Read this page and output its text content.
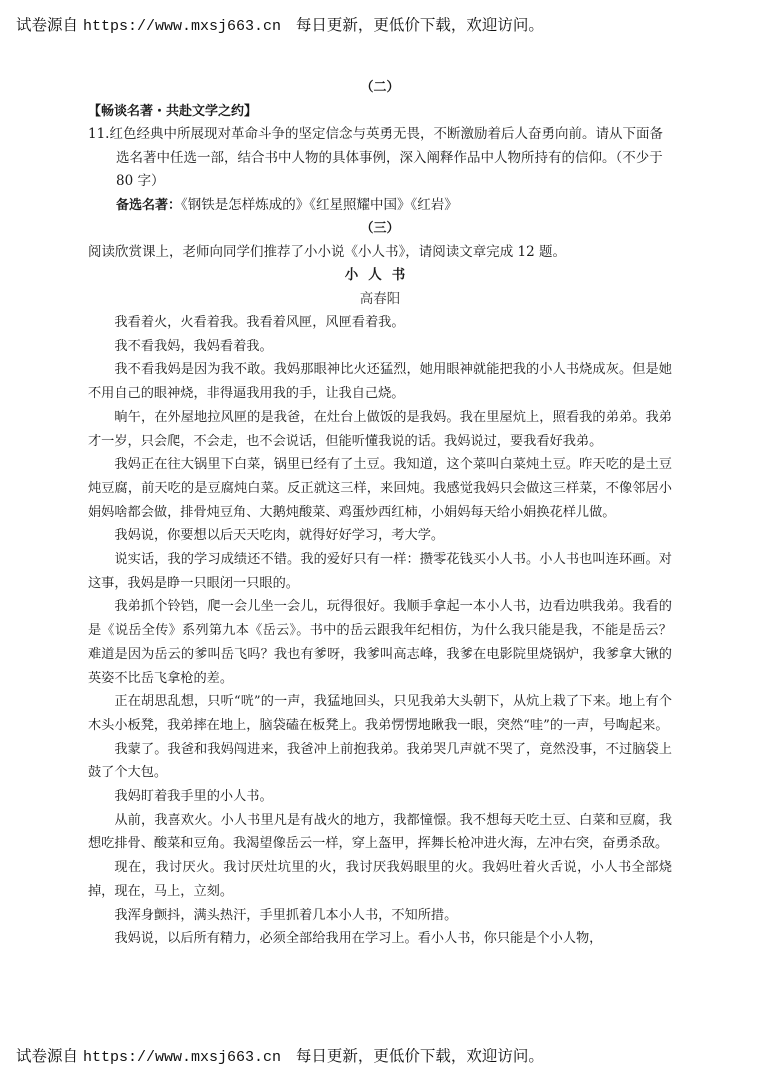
试卷源自 https://www.mxsj663.cn 每日更新，更低价下载，欢迎访问。

（二）

【畅谈名著・共赴文学之约】

11.红色经典中所展现对革命斗争的坚定信念与英勇无畏，不断激励着后人奋勇向前。请从下面备选名著中任选一部，结合书中人物的具体事例，深入阐释作品中人物所持有的信仰。（不少于 80 字）

备选名著：《钢铁是怎样炼成的》《红星照耀中国》《红岩》

（三）

阅读欣赏课上，老师向同学们推荐了小小说《小人书》，请阅读文章完成 12 题。

小人书

高春阳

我看着火，火看着我。我看着风匣，风匣看着我。

我不看我妈，我妈看着我。

我不看我妈是因为我不敢。我妈那眼神比火还猛烈，她用眼神就能把我的小人书烧成灰。但是她不用自己的眼神烧，非得逼我用我的手，让我自己烧。

晌午，在外屋地拉风匣的是我爸，在灶台上做饭的是我妈。我在里屋炕上，照看我的弟弟。我弟才一岁，只会爬，不会走，也不会说话，但能听懂我说的话。我妈说过，要我看好我弟。

我妈正在往大锅里下白菜，锅里已经有了土豆。我知道，这个菜叫白菜炖土豆。昨天吃的是土豆炖豆腐，前天吃的是豆腐炖白菜。反正就这三样，来回炖。我感觉我妈只会做这三样菜，不像邻居小娟妈啥都会做，排骨炖豆角、大鹅炖酸菜、鸡蛋炒西红柿，小娟妈每天给小娟换花样儿做。

我妈说，你要想以后天天吃肉，就得好好学习，考大学。

说实话，我的学习成绩还不错。我的爱好只有一样：攒零花钱买小人书。小人书也叫连环画。对这事，我妈是睁一只眼闭一只眼的。

我弟抓个铃铛，爬一会儿坐一会儿，玩得很好。我顺手拿起一本小人书，边看边哄我弟。我看的是《说岳全传》系列第九本《岳云》。书中的岳云跟我年纪相仿，为什么我只能是我，不能是岳云？难道是因为岳云的爹叫岳飞吗？我也有爹呀，我爹叫高志峰，我爹在电影院里烧锅炉，我爹拿大锹的英姿不比岳飞拿枪的差。

正在胡思乱想，只听“咣”的一声，我猛地回头，只见我弟大头朝下，从炕上栽了下来。地上有个木头小板凳，我弟摔在地上，脑袋磕在板凳上。我弟愣愣地瞅我一眼，突然“哇”的一声，号啕起来。

我蒙了。我爸和我妈闯进来，我爸冲上前抱我弟。我弟哭几声就不哭了，竟然没事，不过脑袋上鼓了个大包。

我妈盯着我手里的小人书。

从前，我喜欢火。小人书里凡是有战火的地方，我都憧憬。我不想每天吃土豆、白菜和豆腐，我想吃排骨、酸菜和豆角。我渴望像岳云一样，穿上盔甲，挥舞长枪冲进火海，左冲右突，奋勇杀敌。

现在，我讨厌火。我讨厌灶坑里的火，我讨厌我妈眼里的火。我妈吐着火舌说，小人书全部烧掉，现在，马上，立刻。

我浑身颤抖，满头热汗，手里抓着几本小人书，不知所措。

我妈说，以后所有精力，必须全部给我用在学习上。看小人书，你只能是个小人物，

试卷源自 https://www.mxsj663.cn 每日更新，更低价下载，欢迎访问。
